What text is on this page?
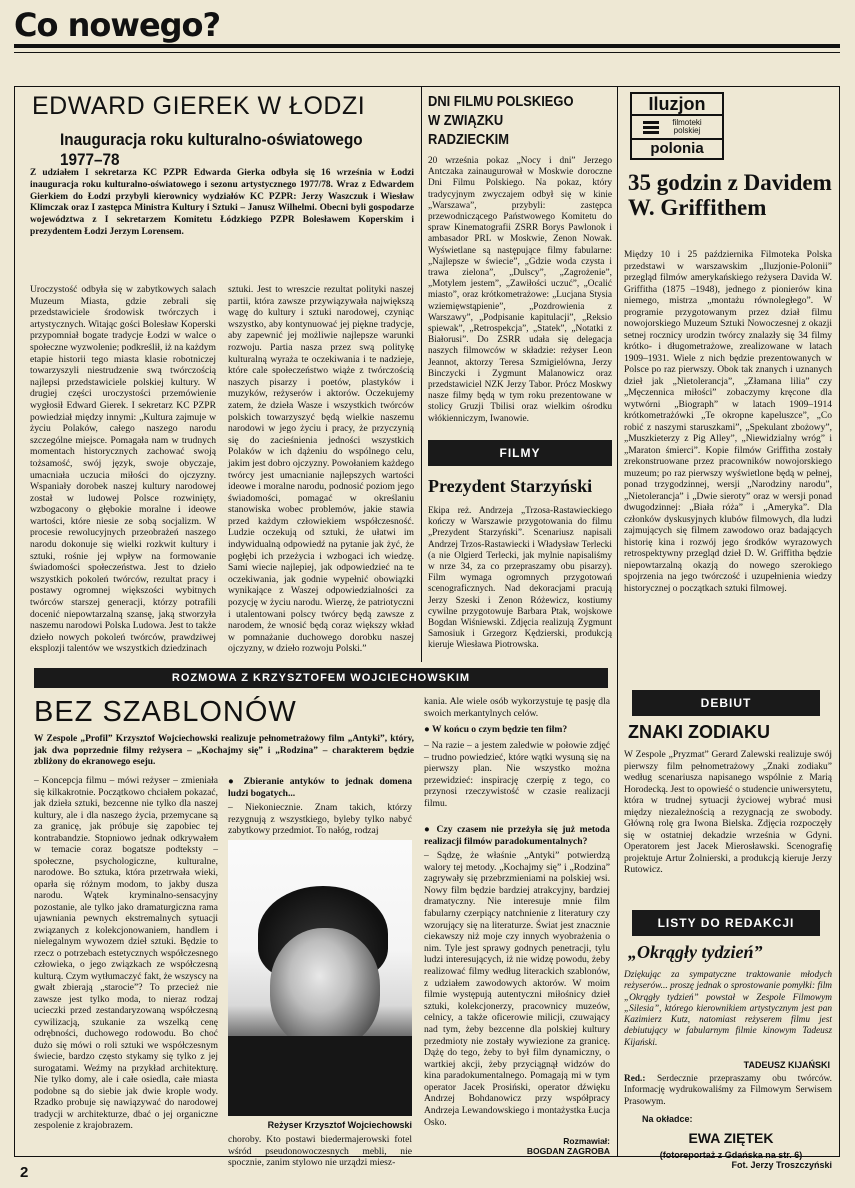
Co nowego?
EDWARD GIEREK W ŁODZI
Inauguracja roku kulturalno-oświatowego 1977–78
Z udziałem I sekretarza KC PZPR Edwarda Gierka odbyła się 16 września w Łodzi inauguracja roku kulturalno-oświatowego i sezonu artystycznego 1977/78. Wraz z Edwardem Gierkiem do Łodzi przybyli kierownicy wydziałów KC PZPR: Jerzy Waszczuk i Wiesław Klimczak oraz I zastępca Ministra Kultury i Sztuki – Janusz Wilhelmi. Obecni byli gospodarze województwa z I sekretarzem Komitetu Łódzkiego PZPR Bolesławem Koperskim i prezydentem Łodzi Jerzym Lorensem.
Uroczystość odbyła się w zabytkowych salach Muzeum Miasta, gdzie zebrali się przedstawiciele środowisk twórczych i artystycznych. Witając gości Bolesław Koperski przypomniał bogate tradycje Łodzi w walce o społeczne wyzwolenie; podkreślił, iż na każdym etapie historii tego miasta klasie robotniczej towarzyszyli niestrudzenie swą twórczością najlepsi przedstawiciele polskiej kultury. W drugiej części uroczystości przemówienie wygłosił Edward Gierek. I sekretarz KC PZPR powiedział między innymi: „Kultura zajmuje w życiu Polaków, całego naszego narodu szczególne miejsce. Pomagała nam w trudnych momentach historycznych zachować swoją tożsamość, swój język, swoje obyczaje, umacniała uczucia miłości do ojczyzny. Wspaniały dorobek naszej kultury narodowej został w ludowej Polsce rozwinięty, wzbogacony o głębokie moralne i ideowe wartości, które niesie ze sobą socjalizm. W procesie rewolucyjnych przeobrażeń naszego narodu dokonuje się wielki rozkwit kultury i sztuki, rośnie jej wpływ na formowanie świadomości społeczeństwa. Jest to dzieło wszystkich pokoleń twórców, rezultat pracy i postawy ogromnej większości wybitnych twórców starszej generacji, którzy potrafili docenić niepowtarzalną szansę, jaką stworzyła naszemu narodowi Polska Ludowa. Jest to także dzieło nowych pokoleń twórców, prawdziwej eksplozji talentów we wszystkich dziedzinach
sztuki. Jest to wreszcie rezultat polityki naszej partii, która zawsze przywiązywała największą wagę do kultury i sztuki narodowej, czyniąc wszystko, aby kontynuować jej piękne tradycje, aby zapewnić jej możliwie najlepsze warunki rozwoju. Partia nasza przez swą politykę kulturalną wyraża te oczekiwania i te nadzieje, które cale społeczeństwo wiąże z twórczością naszych pisarzy i poetów, plastyków i muzyków, reżyserów i aktorów. Oczekujemy zatem, że dzieła Wasze i wszystkich twórców polskich towarzyszyć będą wielkie naszemu narodowi w jego życiu i pracy, że przyczynią się do zacieśnienia jedności wszystkich Polaków w ich dążeniu do wspólnego celu, jakim jest dobro ojczyzny. Powołaniem każdego twórcy jest umacnianie najlepszych wartości ideowe i moralne narodu, podnosić poziom jego świadomości, pomagać w określaniu stanowiska wobec problemów, jakie stawia przed każdym człowiekiem współczesność. Ludzie oczekują od sztuki, że ułatwi im indywidualną odpowiedź na pytanie jak żyć, że pogłębi ich przeżycia i wzbogaci ich wiedzę. Sami wiecie najlepiej, jak odpowiedzieć na te oczekiwania, jak godnie wypełnić obowiązki wynikające z Waszej odpowiedzialności za pozycję w życiu narodu. Wierzę, że patriotyczni i utalentowani polscy twórcy będą zawsze z narodem, że wnosić będą coraz większy wkład w pomnażanie duchowego dorobku naszej ojczyzny, w dzieło rozwoju Polski.”
DNI FILMU POLSKIEGO W ZWIĄZKU RADZIECKIM
20 września pokaz „Nocy i dni” Jerzego Antczaka zainaugurował w Moskwie doroczne Dni Filmu Polskiego. Na pokaz, który tradycyjnym zwyczajem odbył się w kinie „Warszawa”, przybyli: zastępca przewodniczącego Państwowego Komitetu do spraw Kinematografii ZSRR Borys Pawlonok i ambasador PRL w Moskwie, Zenon Nowak. Wyświetlane są następujące filmy fabularne: „Najlepsze w świecie”, „Gdzie woda czysta i trawa zielona”, „Dulscy”, „Zagrożenie”, „Motylem jestem”, „Zawiłości uczuć”, „Ocalić miasto”, oraz krótkometrażowe: „Lucjana Stysia wziemięwstąpienie”, „Pozdrowienia z Warszawy”, „Podpisanie kapitulacji”, „Reksio spiewak”, „Retrospekcja”, „Statek”, „Notatki z Białorusi”. Do ZSRR udała się delegacja naszych filmowców w składzie: reżyser Leon Jeannot, aktorzy Teresa Szmigielówna, Jerzy Binczycki i Zygmunt Malanowicz oraz przedstawiciel NZK Jerzy Tabor. Prócz Moskwy nasze filmy będą w tym roku prezentowane w stolicy Gruzji Tbilisi oraz wielkim ośrodku włókienniczym, Iwanowie.
FILMY
Prezydent Starzyński
Ekipa reż. Andrzeja „Trzosa-Rastawieckiego kończy w Warszawie przygotowania do filmu „Prezydent Starzyński”. Scenariusz napisali Andrzej Trzos-Rastawiecki i Władysław Terlecki (a nie Olgierd Terlecki, jak mylnie napisaliśmy w nrze 34, za co przepraszamy obu pisarzy). Film wymaga ogromnych przygotowań scenograficznych. Nad dekoracjami pracują Jerzy Szeski i Zenon Różewicz, kostiumy cywilne przygotowuje Barbara Ptak, wojskowe Bogdan Wiśniewski. Zdjęcia realizują Zygmunt Samosiuk i Grzegorz Kędzierski, produkcją kieruje Wiesława Piotrowska.
Iluzjon
filmoteki polskiej
polonia
35 godzin z Davidem W. Griffithem
Między 10 i 25 października Filmoteka Polska przedstawi w warszawskim „Iluzjonie-Polonii” przegląd filmów amerykańskiego reżysera Davida W. Griffitha (1875 –1948), jednego z pionierów kina niemego, mistrza „montażu równoległego”. W programie przygotowanym przez dział filmu nowojorskiego Muzeum Sztuki Nowoczesnej z okazji setnej rocznicy urodzin twórcy znalazły się 34 filmy krótko- i długometrażowe, zrealizowane w latach 1909–1931. Wiele z nich będzie prezentowanych w Polsce po raz pierwszy. Obok tak znanych i uznanych dzieł jak „Nietolerancja”, „Złamana lilia” czy „Męczennica miłości” zobaczymy kręcone dla wytwórni „Biograph” w latach 1909–1914 krótkometrażówki „Te okropne kapeluszce”, „Co robić z naszymi staruszkami”, „Spekulant zbożowy”, „Muszkieterzy z Pig Alley”, „Niewidzialny wróg” i „Maraton śmierci”. Kopie filmów Griffitha zostały zrekonstruowane przez pracowników nowojorskiego muzeum; po raz pierwszy wyświetlone będą w pełnej, ponad trzygodzinnej, wersji „Narodziny narodu”, „Nietolerancja” i „Dwie sieroty” oraz w wersji ponad dwugodzinnej: „Biała róża” i „Ameryka”. Dla członków dyskusyjnych klubów filmowych, dla ludzi zajmujących się filmem zawodowo oraz badających historię kina i rozwój jego środków wyrazowych retrospektywny przegląd dzieł D. W. Griffitha będzie niepowtarzalną okazją do nowego szerokiego spojrzenia na jego twórczość i uzupełnienia wiedzy historycznej o początkach sztuki filmowej.
ROZMOWA Z KRZYSZTOFEM WOJCIECHOWSKIM
DEBIUT
ZNAKI ZODIAKU
W Zespole „Pryzmat” Gerard Zalewski realizuje swój pierwszy film pełnometrażowy „Znaki zodiaku” według scenariusza napisanego wspólnie z Marią Horodecką. Jest to opowieść o studencie uniwersytetu, która w trudnej sytuacji życiowej wybrać musi między niezależnością a rezygnacją ze swobody. Główną rolę gra Iwona Bielska. Zdjęcia rozpoczęły się w ostatniej dekadzie września w Gdyni. Operatorem jest Jacek Mierosławski. Scenografię projektuje Artur Żolnierski, a produkcją kieruje Jerzy Rutowicz.
LISTY DO REDAKCJI
„Okrągły tydzień”
Dziękując za sympatyczne traktowanie młodych reżyserów... proszę jednak o sprostowanie pomyłki: film „Okrągły tydzień” powstał w Zespole Filmowym „Silesia”, którego kierownikiem artystycznym jest pan Kazimierz Kutz, natomiast reżyserem filmu jest debiutujący w fabularnym filmie kinowym Tadeusz Kijański.
TADEUSZ KIJAŃSKI
Red.: Serdecznie przepraszamy obu twórców. Informację wydrukowaliśmy za Filmowym Serwisem Prasowym.
Na okładce:
EWA ZIĘTEK
(fotoreportaż z Gdańska na str. 6)
BEZ SZABLONÓW
W Zespole „Profil” Krzysztof Wojciechowski realizuje pełnometrażowy film „Antyki”, który, jak dwa poprzednie filmy reżysera – „Kochajmy się” i „Rodzina” – charakterem będzie zbliżony do ekranowego eseju.
– Koncepcja filmu – mówi reżyser – zmieniała się kilkakrotnie. Początkowo chciałem pokazać, jak dzieła sztuki, bezcenne nie tylko dla naszej kultury, ale i dla naszego życia, przemycane są za granicę, jak próbuje się zapobiec tej kontrabandzie. Stopniowo jednak odkrywałem w temacie coraz bogatsze podteksty – społeczne, psychologiczne, kulturalne, narodowe. Bo sztuka, która przetrwała wieki, oparła się różnym modom, to jakby dusza narodu. Wątek kryminalno-sensacyjny pozostanie, ale tylko jako dramaturgiczna rama ujawniania pewnych ekstremalnych sytuacji związanych z kolekcjonowaniem, handlem i nielegalnym wywozem dzieł sztuki. Będzie to rzecz o potrzebach estetycznych współczesnego człowieka, o jego związkach ze współczesną kulturą. Czym wytłumaczyć fakt, że wszyscy na gwałt zbierają „starocie”? To przecież nie zawsze jest tylko moda, to nieraz rodzaj ucieczki przed zestandaryzowaną współczesną cywilizacją, szukanie za wszelką cenę odrębności, duchowego rodowodu. Bo choć dużo się mówi o roli sztuki we współczesnym świecie, bardzo często stykamy się tylko z jej surogatami. Weźmy na przykład architekturę. Nie tylko domy, ale i całe osiedla, całe miasta podobne są do siebie jak dwie krople wody. Rzadko probuje się nawiązywać do narodowej tradycji w architekturze, dbać o jej organiczne zespolenie z krajobrazem.
● Zbieranie antyków to jednak domena ludzi bogatych...
– Niekoniecznie. Znam takich, którzy rezygnują z wszystkiego, byleby tylko nabyć zabytkowy przedmiot. To nałóg, rodzaj
Reżyser Krzysztof Wojciechowski
choroby. Kto postawi biedermajerowski fotel wśród pseudonowoczesnych mebli, nie spocznie, zanim stylowo nie urządzi miesz-
kania. Ale wiele osób wykorzystuje tę pasję dla swoich merkantylnych celów.
● W końcu o czym będzie ten film?
– Na razie – a jestem zaledwie w połowie zdjęć – trudno powiedzieć, które wątki wysuną się na pierwszy plan. Nie wszystko można przewidzieć: inspirację czerpię z tego, co przynosi rzeczywistość w czasie realizacji filmu.
● Czy czasem nie przeżyła się już metoda realizacji filmów paradokumentalnych?
– Sądzę, że właśnie „Antyki” potwierdzą walory tej metody. „Kochajmy się” i „Rodzina” zagrywały się przebrzmieniami na polskiej wsi. Nowy film będzie bardziej atrakcyjny, bardziej dramatyczny. Nie interesuje mnie film fabularny czerpiący natchnienie z literatury czy wzorujący się na literaturze. Świat jest znacznie ciekawszy niż moje czy innych wyobrażenia o nim. Tyle jest sprawy godnych penetracji, tylu ludzi interesujących, iż nie widzę powodu, żeby realizować filmy według literackich szablonów, z udziałem zawodowych aktorów. W moim filmie występują autentyczni miłośnicy dzieł sztuki, kolekcjonerzy, pracownicy muzeów, celnicy, a także oficerowie milicji, czuwający nad tym, żeby bezcenne dla polskiej kultury przedmioty nie zostały wywiezione za granicę. Dążę do tego, żeby to był film dynamiczny, o wartkiej akcji, żeby przyciągnął widzów do kina paradokumentalnego. Pomagają mi w tym operator Jacek Prosiński, operator dźwięku Andrzej Bohdanowicz przy współpracy Andrzeja Lewandowskiego i montażystka Łucja Osko.
Rozmawiał:
BOGDAN ZAGROBA
Fot. Jerzy Troszczyński
2
